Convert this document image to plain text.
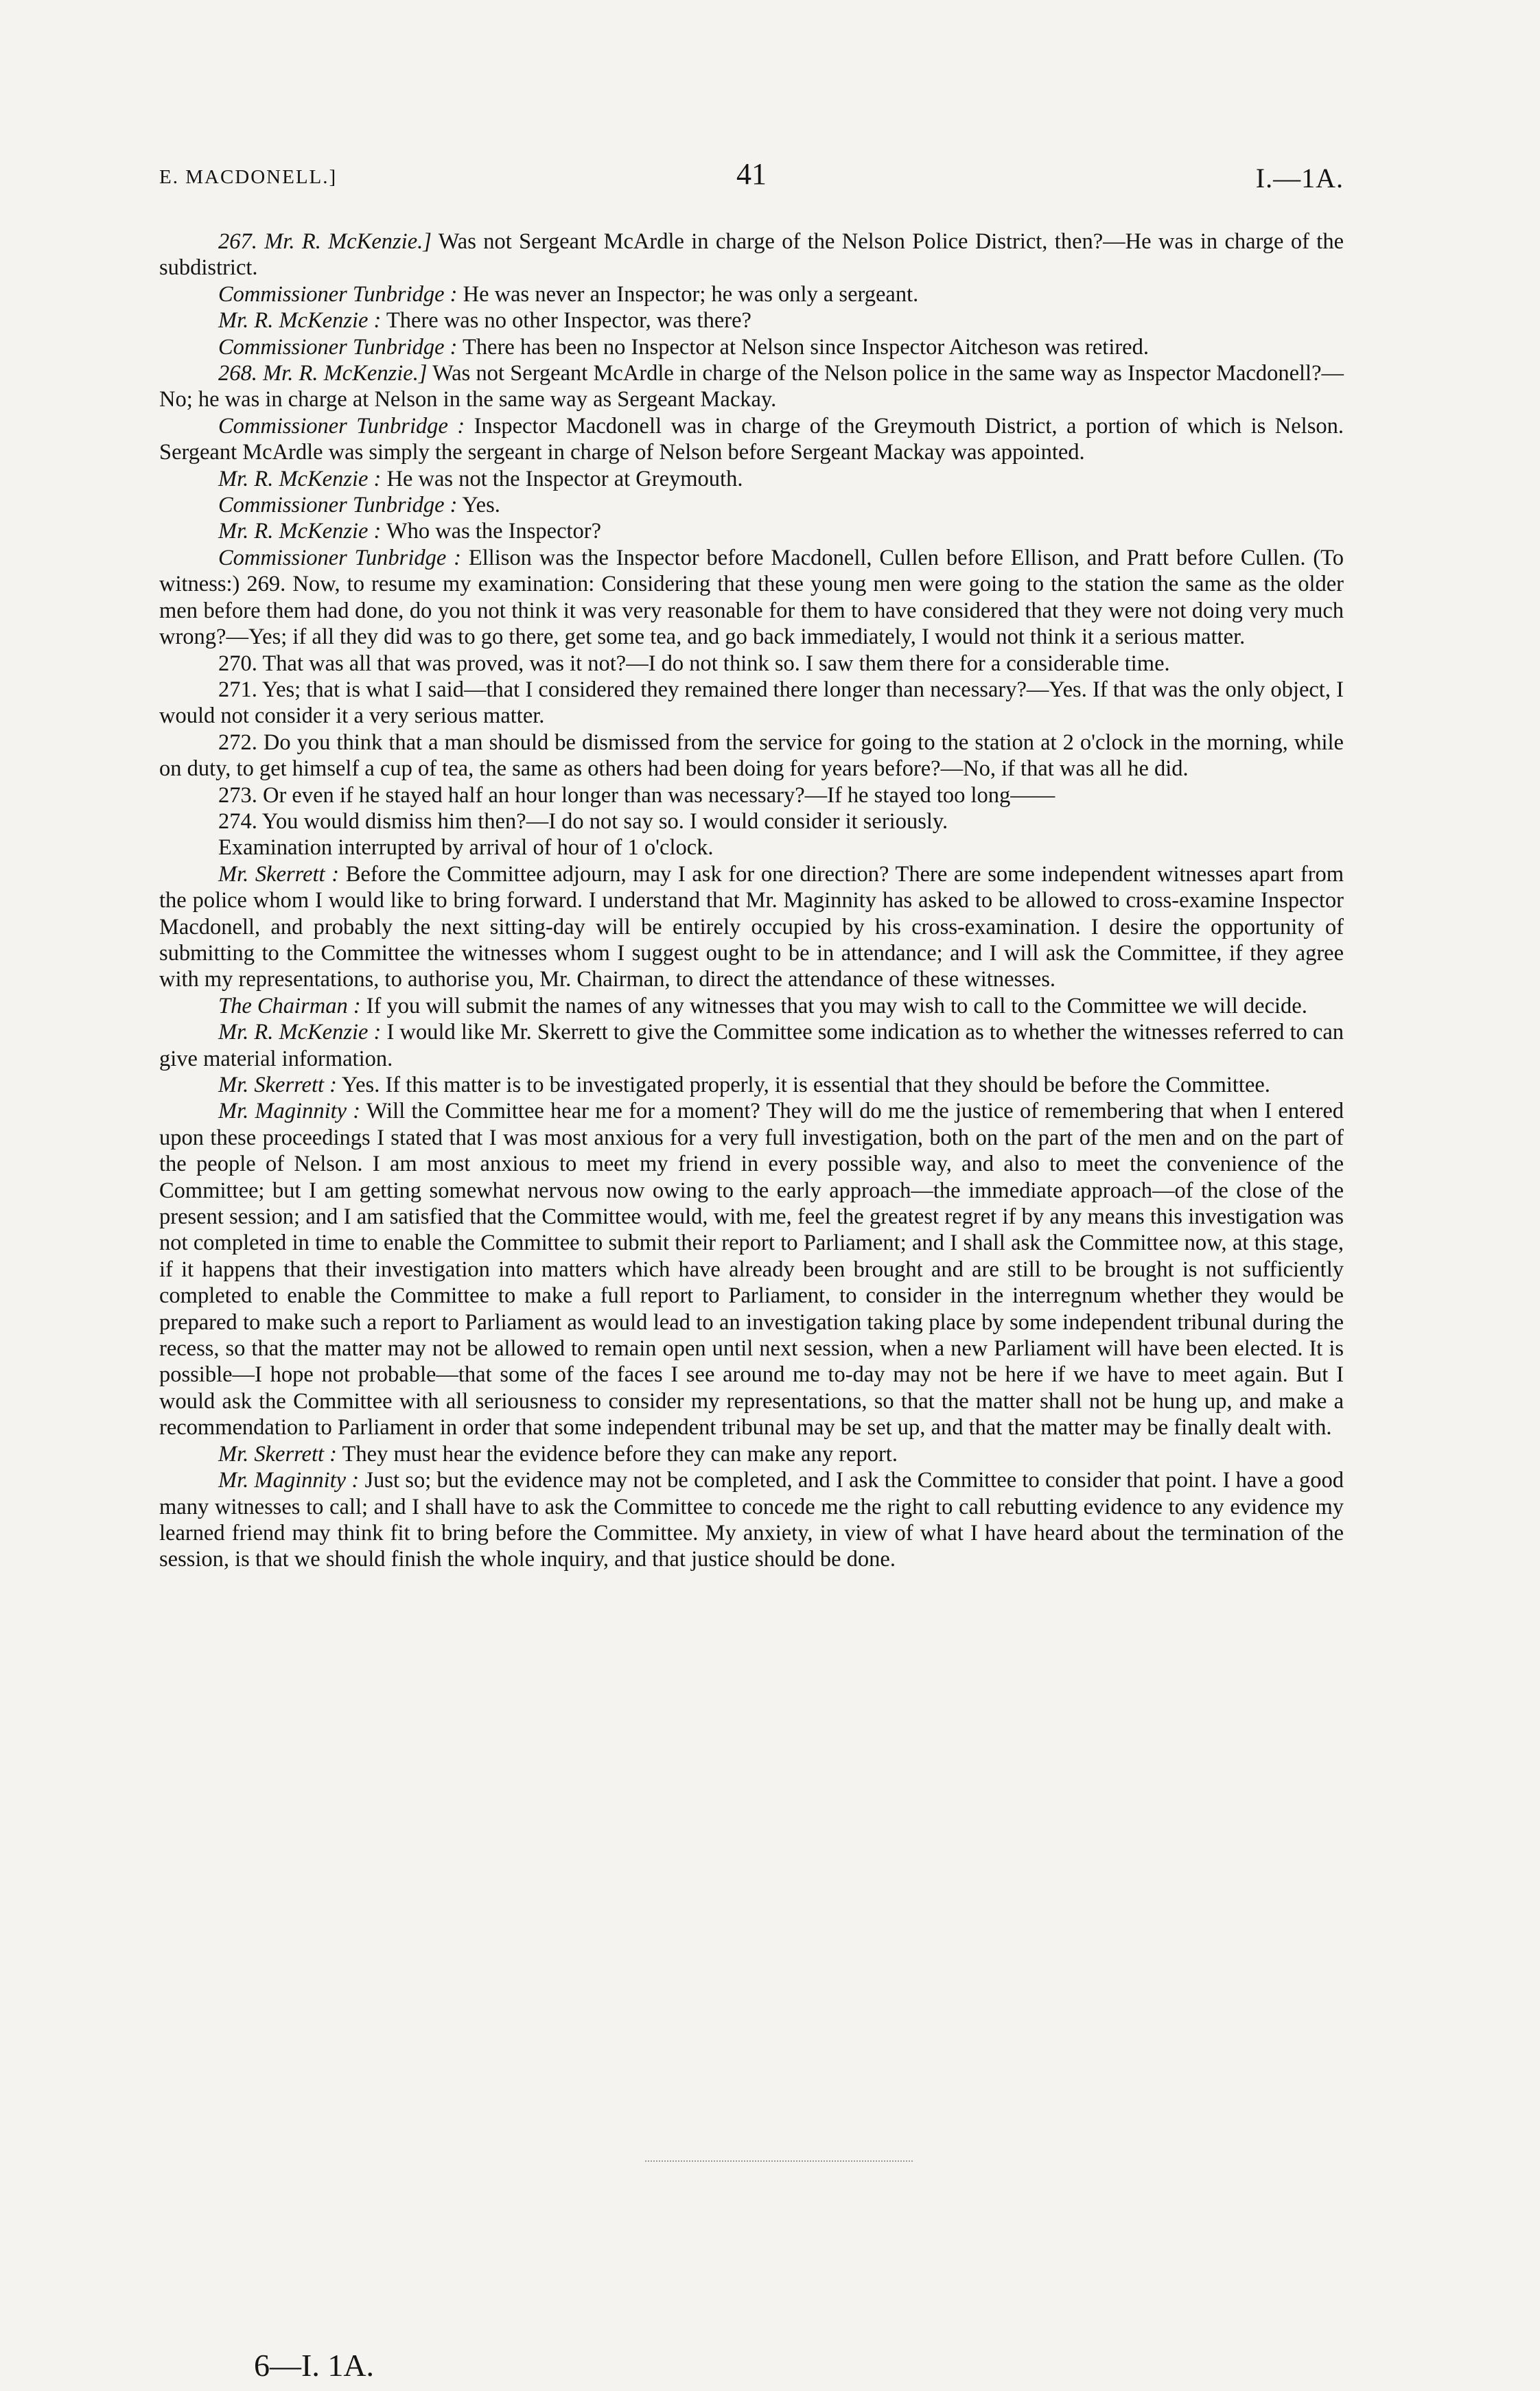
E. MACDONELL.]	41	I.—1A.

267. Mr. R. McKenzie.] Was not Sergeant McArdle in charge of the Nelson Police District, then?—He was in charge of the subdistrict.

Commissioner Tunbridge : He was never an Inspector; he was only a sergeant.

Mr. R. McKenzie : There was no other Inspector, was there?

Commissioner Tunbridge : There has been no Inspector at Nelson since Inspector Aitcheson was retired.

268. Mr. R. McKenzie.] Was not Sergeant McArdle in charge of the Nelson police in the same way as Inspector Macdonell?—No; he was in charge at Nelson in the same way as Sergeant Mackay.

Commissioner Tunbridge : Inspector Macdonell was in charge of the Greymouth District, a portion of which is Nelson. Sergeant McArdle was simply the sergeant in charge of Nelson before Sergeant Mackay was appointed.

Mr. R. McKenzie : He was not the Inspector at Greymouth.

Commissioner Tunbridge : Yes.

Mr. R. McKenzie : Who was the Inspector?

Commissioner Tunbridge : Ellison was the Inspector before Macdonell, Cullen before Ellison, and Pratt before Cullen. (To witness:) 269. Now, to resume my examination: Considering that these young men were going to the station the same as the older men before them had done, do you not think it was very reasonable for them to have considered that they were not doing very much wrong?—Yes; if all they did was to go there, get some tea, and go back immediately, I would not think it a serious matter.

270. That was all that was proved, was it not?—I do not think so. I saw them there for a considerable time.

271. Yes; that is what I said—that I considered they remained there longer than necessary?—Yes. If that was the only object, I would not consider it a very serious matter.

272. Do you think that a man should be dismissed from the service for going to the station at 2 o'clock in the morning, while on duty, to get himself a cup of tea, the same as others had been doing for years before?—No, if that was all he did.

273. Or even if he stayed half an hour longer than was necessary?—If he stayed too long——

274. You would dismiss him then?—I do not say so. I would consider it seriously.

Examination interrupted by arrival of hour of 1 o'clock.

Mr. Skerrett : Before the Committee adjourn, may I ask for one direction? There are some independent witnesses apart from the police whom I would like to bring forward. I understand that Mr. Maginnity has asked to be allowed to cross-examine Inspector Macdonell, and probably the next sitting-day will be entirely occupied by his cross-examination. I desire the opportunity of submitting to the Committee the witnesses whom I suggest ought to be in attendance; and I will ask the Committee, if they agree with my representations, to authorise you, Mr. Chairman, to direct the attendance of these witnesses.

The Chairman : If you will submit the names of any witnesses that you may wish to call to the Committee we will decide.

Mr. R. McKenzie : I would like Mr. Skerrett to give the Committee some indication as to whether the witnesses referred to can give material information.

Mr. Skerrett : Yes. If this matter is to be investigated properly, it is essential that they should be before the Committee.

Mr. Maginnity : Will the Committee hear me for a moment? They will do me the justice of remembering that when I entered upon these proceedings I stated that I was most anxious for a very full investigation, both on the part of the men and on the part of the people of Nelson. I am most anxious to meet my friend in every possible way, and also to meet the convenience of the Committee; but I am getting somewhat nervous now owing to the early approach—the immediate approach—of the close of the present session; and I am satisfied that the Committee would, with me, feel the greatest regret if by any means this investigation was not completed in time to enable the Committee to submit their report to Parliament; and I shall ask the Committee now, at this stage, if it happens that their investigation into matters which have already been brought and are still to be brought is not sufficiently completed to enable the Committee to make a full report to Parliament, to consider in the interregnum whether they would be prepared to make such a report to Parliament as would lead to an investigation taking place by some independent tribunal during the recess, so that the matter may not be allowed to remain open until next session, when a new Parliament will have been elected. It is possible—I hope not probable—that some of the faces I see around me to-day may not be here if we have to meet again. But I would ask the Committee with all seriousness to consider my representations, so that the matter shall not be hung up, and make a recommendation to Parliament in order that some independent tribunal may be set up, and that the matter may be finally dealt with.

Mr. Skerrett : They must hear the evidence before they can make any report.

Mr. Maginnity : Just so; but the evidence may not be completed, and I ask the Committee to consider that point. I have a good many witnesses to call; and I shall have to ask the Committee to concede me the right to call rebutting evidence to any evidence my learned friend may think fit to bring before the Committee. My anxiety, in view of what I have heard about the termination of the session, is that we should finish the whole inquiry, and that justice should be done.

6—I. 1A.
